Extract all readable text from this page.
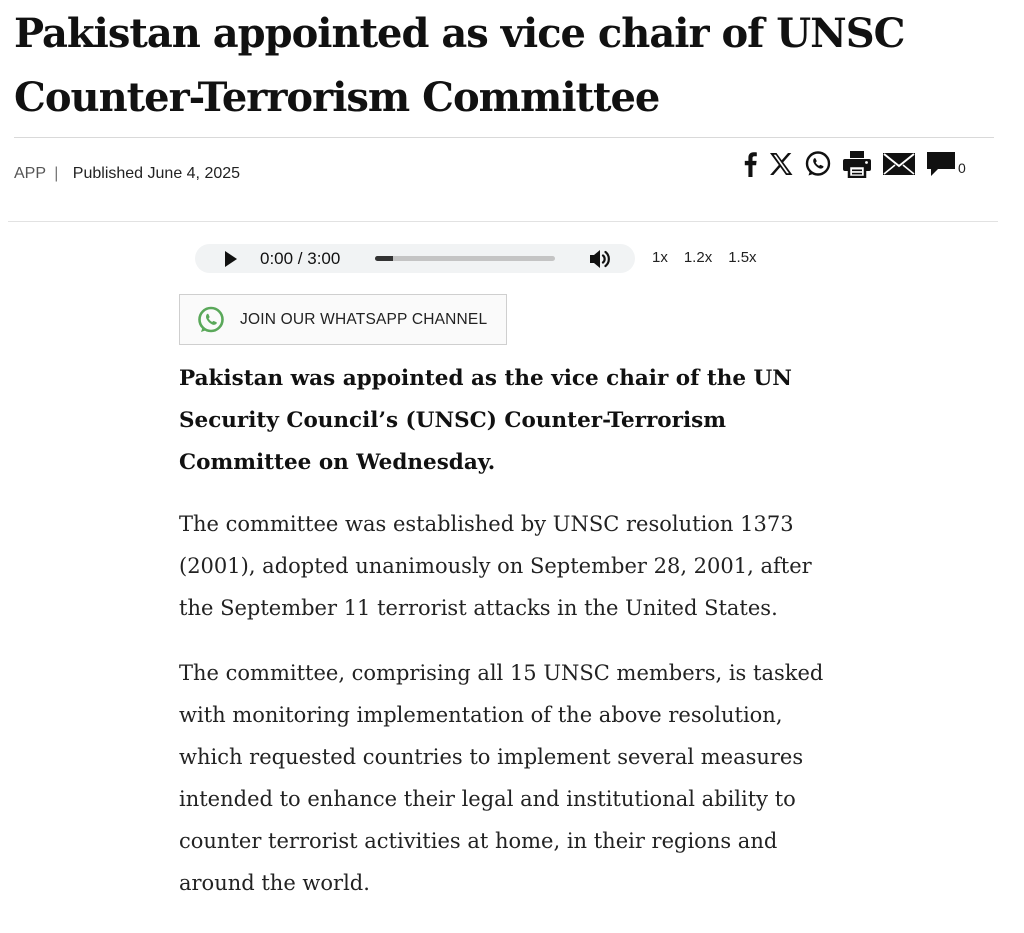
Pakistan appointed as vice chair of UNSC Counter-Terrorism Committee
APP | Published June 4, 2025	0
0:00 / 3:00	1x 1.2x 1.5x
JOIN OUR WHATSAPP CHANNEL

Pakistan was appointed as the vice chair of the UN Security Council’s (UNSC) Counter-Terrorism Committee on Wednesday.

The committee was established by UNSC resolution 1373 (2001), adopted unanimously on September 28, 2001, after the September 11 terrorist attacks in the United States.

The committee, comprising all 15 UNSC members, is tasked with monitoring implementation of the above resolution, which requested countries to implement several measures intended to enhance their legal and institutional ability to counter terrorist activities at home, in their regions and around the world.
